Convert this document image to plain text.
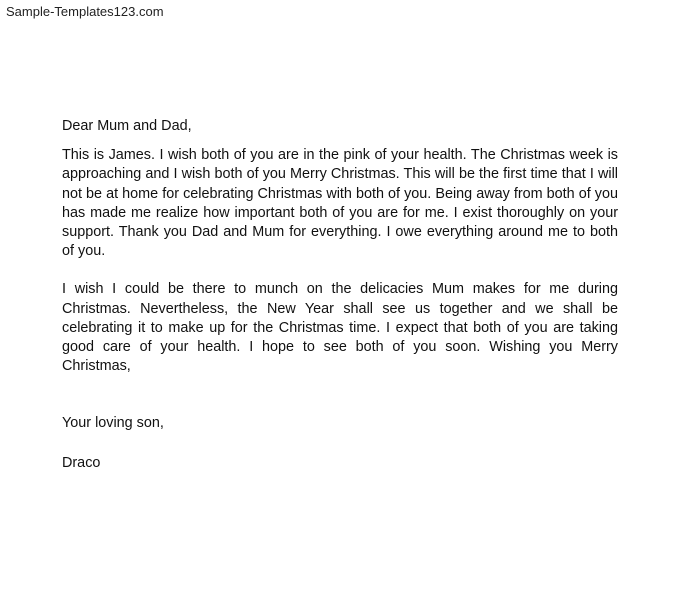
Sample-Templates123.com

Dear Mum and Dad,

This is James. I wish both of you are in the pink of your health. The Christmas week is approaching and I wish both of you Merry Christmas. This will be the first time that I will not be at home for celebrating Christmas with both of you. Being away from both of you has made me realize how important both of you are for me. I exist thoroughly on your support. Thank you Dad and Mum for everything. I owe everything around me to both of you.

I wish I could be there to munch on the delicacies Mum makes for me during Christmas. Nevertheless, the New Year shall see us together and we shall be celebrating it to make up for the Christmas time. I expect that both of you are taking good care of your health. I hope to see both of you soon. Wishing you Merry Christmas,

Your loving son,

Draco
